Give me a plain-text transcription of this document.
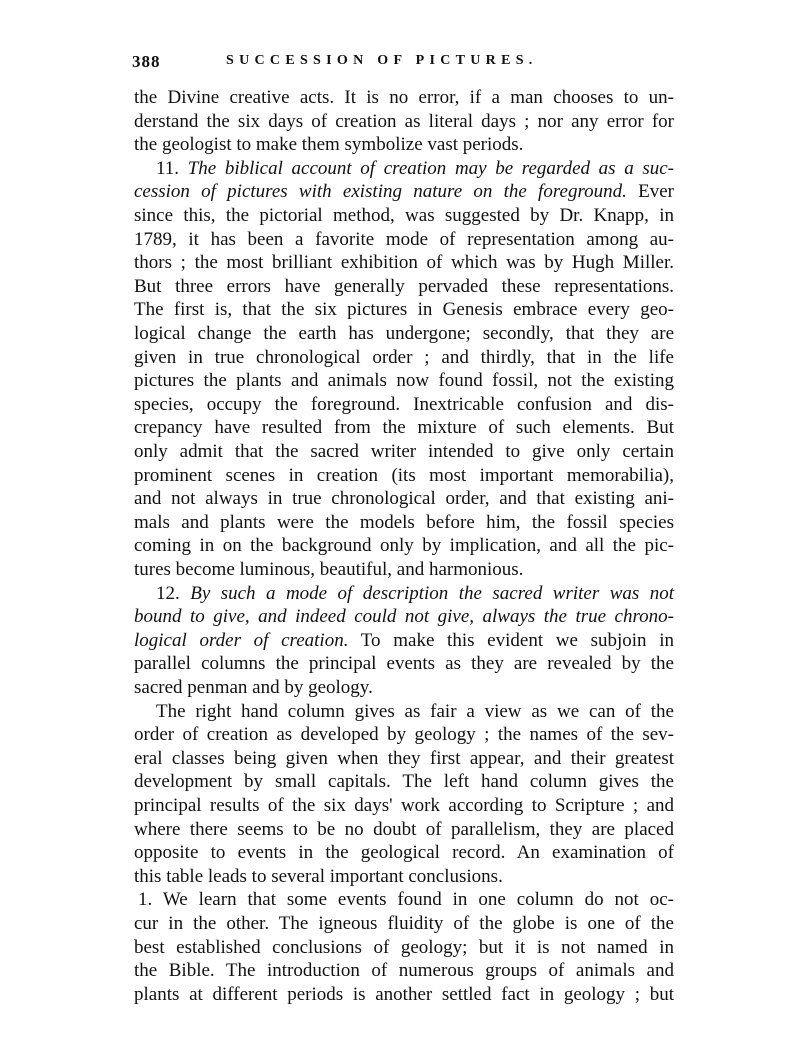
388	SUCCESSION OF PICTURES.
the Divine creative acts. It is no error, if a man chooses to un-
derstand the six days of creation as literal days ; nor any error for
the geologist to make them symbolize vast periods.
11. The biblical account of creation may be regarded as a suc-
cession of pictures with existing nature on the foreground. Ever
since this, the pictorial method, was suggested by Dr. Knapp, in
1789, it has been a favorite mode of representation among au-
thors ; the most brilliant exhibition of which was by Hugh Miller.
But three errors have generally pervaded these representations.
The first is, that the six pictures in Genesis embrace every geo-
logical change the earth has undergone; secondly, that they are
given in true chronological order ; and thirdly, that in the life
pictures the plants and animals now found fossil, not the existing
species, occupy the foreground. Inextricable confusion and dis-
crepancy have resulted from the mixture of such elements. But
only admit that the sacred writer intended to give only certain
prominent scenes in creation (its most important memorabilia),
and not always in true chronological order, and that existing ani-
mals and plants were the models before him, the fossil species
coming in on the background only by implication, and all the pic-
tures become luminous, beautiful, and harmonious.
12. By such a mode of description the sacred writer was not
bound to give, and indeed could not give, always the true chrono-
logical order of creation. To make this evident we subjoin in
parallel columns the principal events as they are revealed by the
sacred penman and by geology.
The right hand column gives as fair a view as we can of the
order of creation as developed by geology ; the names of the sev-
eral classes being given when they first appear, and their greatest
development by small capitals. The left hand column gives the
principal results of the six days' work according to Scripture ; and
where there seems to be no doubt of parallelism, they are placed
opposite to events in the geological record. An examination of
this table leads to several important conclusions.
1. We learn that some events found in one column do not oc-
cur in the other. The igneous fluidity of the globe is one of the
best established conclusions of geology; but it is not named in
the Bible. The introduction of numerous groups of animals and
plants at different periods is another settled fact in geology ; but
